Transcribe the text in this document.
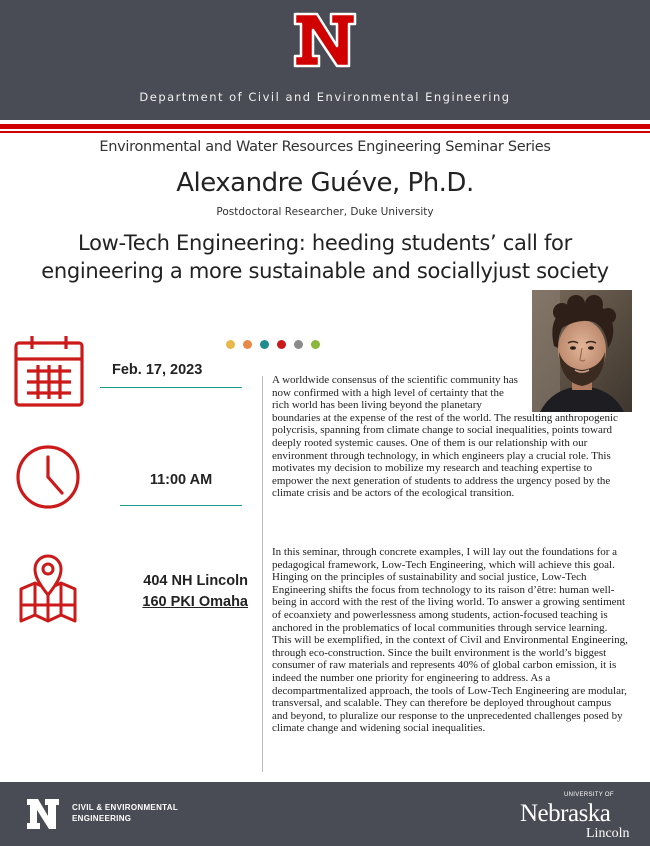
Department of Civil and Environmental Engineering
Environmental and Water Resources Engineering Seminar Series
Alexandre Guéve, Ph.D.
Postdoctoral Researcher, Duke University
Low-Tech Engineering: heeding students’ call for
engineering a more sustainable and sociallyjust society
Feb. 17, 2023
11:00 AM
404 NH Lincoln
160 PKI Omaha
A worldwide consensus of the scientific community has now confirmed with a high level of certainty that the rich world has been living beyond the planetary
boundaries at the expense of the rest of the world. The resulting anthropogenic polycrisis, spanning from climate change to social inequalities, points toward deeply rooted systemic causes. One of them is our relationship with our environment through technology, in which engineers play a crucial role. This motivates my decision to mobilize my research and teaching expertise to empower the next generation of students to address the urgency posed by the climate crisis and be actors of the ecological transition.
In this seminar, through concrete examples, I will lay out the foundations for a pedagogical framework, Low-Tech Engineering, which will achieve this goal. Hinging on the principles of sustainability and social justice, Low-Tech Engineering shifts the focus from technology to its raison d’être: human well-being in accord with the rest of the living world. To answer a growing sentiment of ecoanxiety and powerlessness among students, action-focused teaching is anchored in the problematics of local communities through service learning. This will be exemplified, in the context of Civil and Environmental Engineering, through eco-construction. Since the built environment is the world’s biggest consumer of raw materials and represents 40% of global carbon emission, it is indeed the number one priority for engineering to address. As a decompartmentalized approach, the tools of Low-Tech Engineering are modular, transversal, and scalable. They can therefore be deployed throughout campus and beyond, to pluralize our response to the unprecedented challenges posed by climate change and widening social inequalities.
CIVIL & ENVIRONMENTAL
ENGINEERING
UNIVERSITY OF
Nebraska
Lincoln
